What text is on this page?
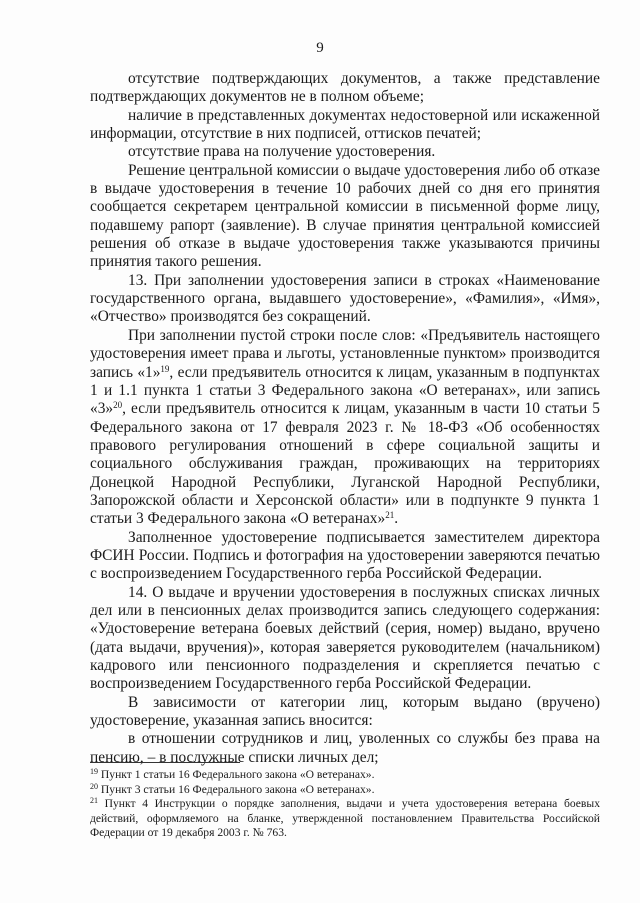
9

отсутствие подтверждающих документов, а также представление подтверждающих документов не в полном объеме;

наличие в представленных документах недостоверной или искаженной информации, отсутствие в них подписей, оттисков печатей;

отсутствие права на получение удостоверения.

Решение центральной комиссии о выдаче удостоверения либо об отказе в выдаче удостоверения в течение 10 рабочих дней со дня его принятия сообщается секретарем центральной комиссии в письменной форме лицу, подавшему рапорт (заявление). В случае принятия центральной комиссией решения об отказе в выдаче удостоверения также указываются причины принятия такого решения.

13. При заполнении удостоверения записи в строках «Наименование государственного органа, выдавшего удостоверение», «Фамилия», «Имя», «Отчество» производятся без сокращений.

При заполнении пустой строки после слов: «Предъявитель настоящего удостоверения имеет права и льготы, установленные пунктом» производится запись «1»$^{19}$, если предъявитель относится к лицам, указанным в подпунктах 1 и 1.1 пункта 1 статьи 3 Федерального закона «О ветеранах», или запись «3»$^{20}$, если предъявитель относится к лицам, указанным в части 10 статьи 5 Федерального закона от 17 февраля 2023 г. № 18-ФЗ «Об особенностях правового регулирования отношений в сфере социальной защиты и социального обслуживания граждан, проживающих на территориях Донецкой Народной Республики, Луганской Народной Республики, Запорожской области и Херсонской области» или в подпункте 9 пункта 1 статьи 3 Федерального закона «О ветеранах»$^{21}$.

Заполненное удостоверение подписывается заместителем директора ФСИН России. Подпись и фотография на удостоверении заверяются печатью с воспроизведением Государственного герба Российской Федерации.

14. О выдаче и вручении удостоверения в послужных списках личных дел или в пенсионных делах производится запись следующего содержания: «Удостоверение ветерана боевых действий (серия, номер) выдано, вручено (дата выдачи, вручения)», которая заверяется руководителем (начальником) кадрового или пенсионного подразделения и скрепляется печатью с воспроизведением Государственного герба Российской Федерации.

В зависимости от категории лиц, которым выдано (вручено) удостоверение, указанная запись вносится:

в отношении сотрудников и лиц, уволенных со службы без права на пенсию, – в послужные списки личных дел;

$^{19}$ Пункт 1 статьи 16 Федерального закона «О ветеранах».

$^{20}$ Пункт 3 статьи 16 Федерального закона «О ветеранах».

$^{21}$ Пункт 4 Инструкции о порядке заполнения, выдачи и учета удостоверения ветерана боевых действий, оформляемого на бланке, утвержденной постановлением Правительства Российской Федерации от 19 декабря 2003 г. № 763.
